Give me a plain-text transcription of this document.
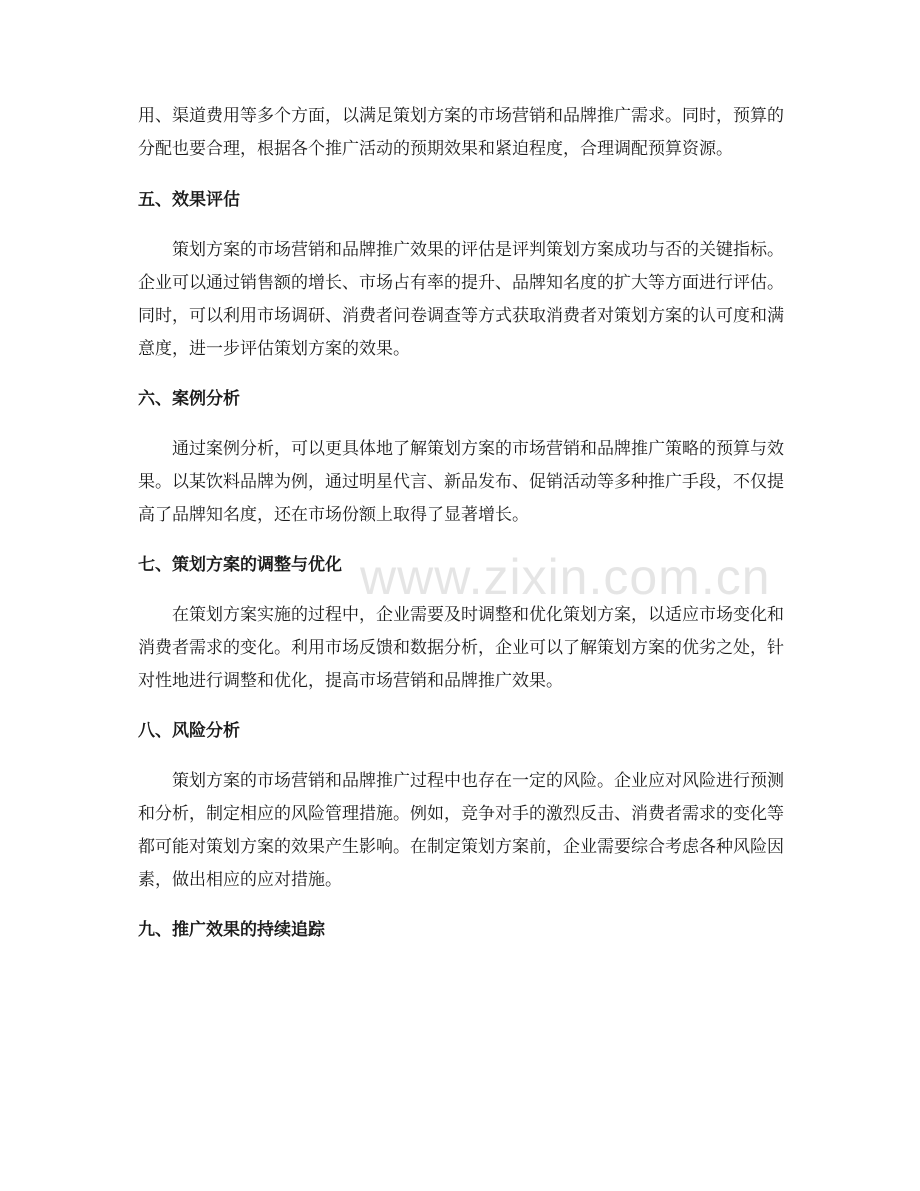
用、渠道费用等多个方面，以满足策划方案的市场营销和品牌推广需求。同时，预算的分配也要合理，根据各个推广活动的预期效果和紧迫程度，合理调配预算资源。

五、效果评估

策划方案的市场营销和品牌推广效果的评估是评判策划方案成功与否的关键指标。企业可以通过销售额的增长、市场占有率的提升、品牌知名度的扩大等方面进行评估。同时，可以利用市场调研、消费者问卷调查等方式获取消费者对策划方案的认可度和满意度，进一步评估策划方案的效果。

六、案例分析

通过案例分析，可以更具体地了解策划方案的市场营销和品牌推广策略的预算与效果。以某饮料品牌为例，通过明星代言、新品发布、促销活动等多种推广手段，不仅提高了品牌知名度，还在市场份额上取得了显著增长。

七、策划方案的调整与优化

在策划方案实施的过程中，企业需要及时调整和优化策划方案，以适应市场变化和消费者需求的变化。利用市场反馈和数据分析，企业可以了解策划方案的优劣之处，针对性地进行调整和优化，提高市场营销和品牌推广效果。

八、风险分析

策划方案的市场营销和品牌推广过程中也存在一定的风险。企业应对风险进行预测和分析，制定相应的风险管理措施。例如，竞争对手的激烈反击、消费者需求的变化等都可能对策划方案的效果产生影响。在制定策划方案前，企业需要综合考虑各种风险因素，做出相应的应对措施。

九、推广效果的持续追踪
www.zixin.com.cn
